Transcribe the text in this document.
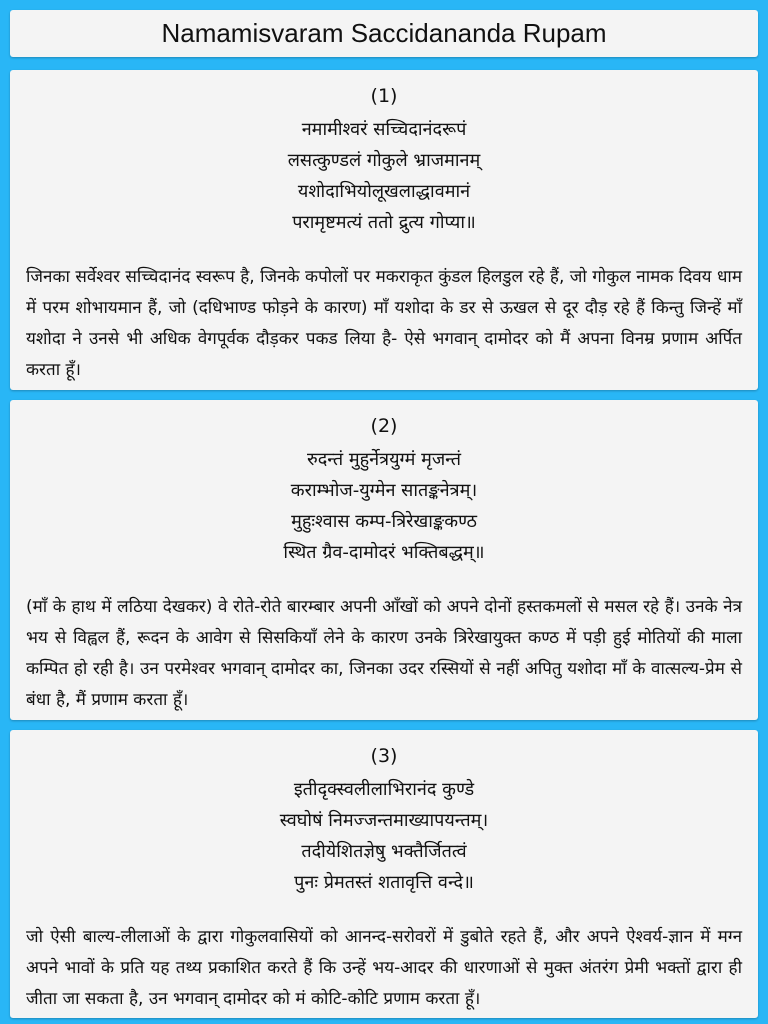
Namamisvaram Saccidananda Rupam
(1)
नमामीश्वरं सच्चिदानंदरूपं
लसत्कुण्डलं गोकुले भ्राजमानम्
यशोदाभियोलूखलाद्धावमानं
परामृष्टमत्यं ततो द्रुत्य गोप्या॥
जिनका सर्वेश्वर सच्चिदानंद स्वरूप है, जिनके कपोलों पर मकराकृत कुंडल हिलडुल रहे हैं, जो गोकुल नामक दिवय धाम में परम शोभायमान हैं, जो (दधिभाण्ड फोड़ने के कारण) माँ यशोदा के डर से ऊखल से दूर दौड़ रहे हैं किन्तु जिन्हें माँ यशोदा ने उनसे भी अधिक वेगपूर्वक दौड़कर पकड लिया है- ऐसे भगवान् दामोदर को मैं अपना विनम्र प्रणाम अर्पित करता हूँ।
(2)
रुदन्तं मुहुर्नेत्रयुग्मं मृजन्तं
कराम्भोज-युग्मेन सातङ्कनेत्रम्।
मुहुःश्वास कम्प-त्रिरेखाङ्ककण्ठ
स्थित ग्रैव-दामोदरं भक्तिबद्धम्॥
(माँ के हाथ में लठिया देखकर) वे रोते-रोते बारम्बार अपनी आँखों को अपने दोनों हस्तकमलों से मसल रहे हैं। उनके नेत्र भय से विह्वल हैं, रूदन के आवेग से सिसकियाँ लेने के कारण उनके त्रिरेखायुक्त कण्ठ में पड़ी हुई मोतियों की माला कम्पित हो रही है। उन परमेश्वर भगवान् दामोदर का, जिनका उदर रस्सियों से नहीं अपितु यशोदा माँ के वात्सल्य-प्रेम से बंधा है, मैं प्रणाम करता हूँ।
(3)
इतीदृक्स्वलीलाभिरानंद कुण्डे
स्वघोषं निमज्जन्तमाख्यापयन्तम्।
तदीयेशितज्ञेषु भक्तैर्जितत्वं
पुनः प्रेमतस्तं शतावृत्ति वन्दे॥
जो ऐसी बाल्य-लीलाओं के द्वारा गोकुलवासियों को आनन्द-सरोवरों में डुबोते रहते हैं, और अपने ऐश्वर्य-ज्ञान में मग्न अपने भावों के प्रति यह तथ्य प्रकाशित करते हैं कि उन्हें भय-आदर की धारणाओं से मुक्त अंतरंग प्रेमी भक्तों द्वारा ही जीता जा सकता है, उन भगवान् दामोदर को मं कोटि-कोटि प्रणाम करता हूँ।
